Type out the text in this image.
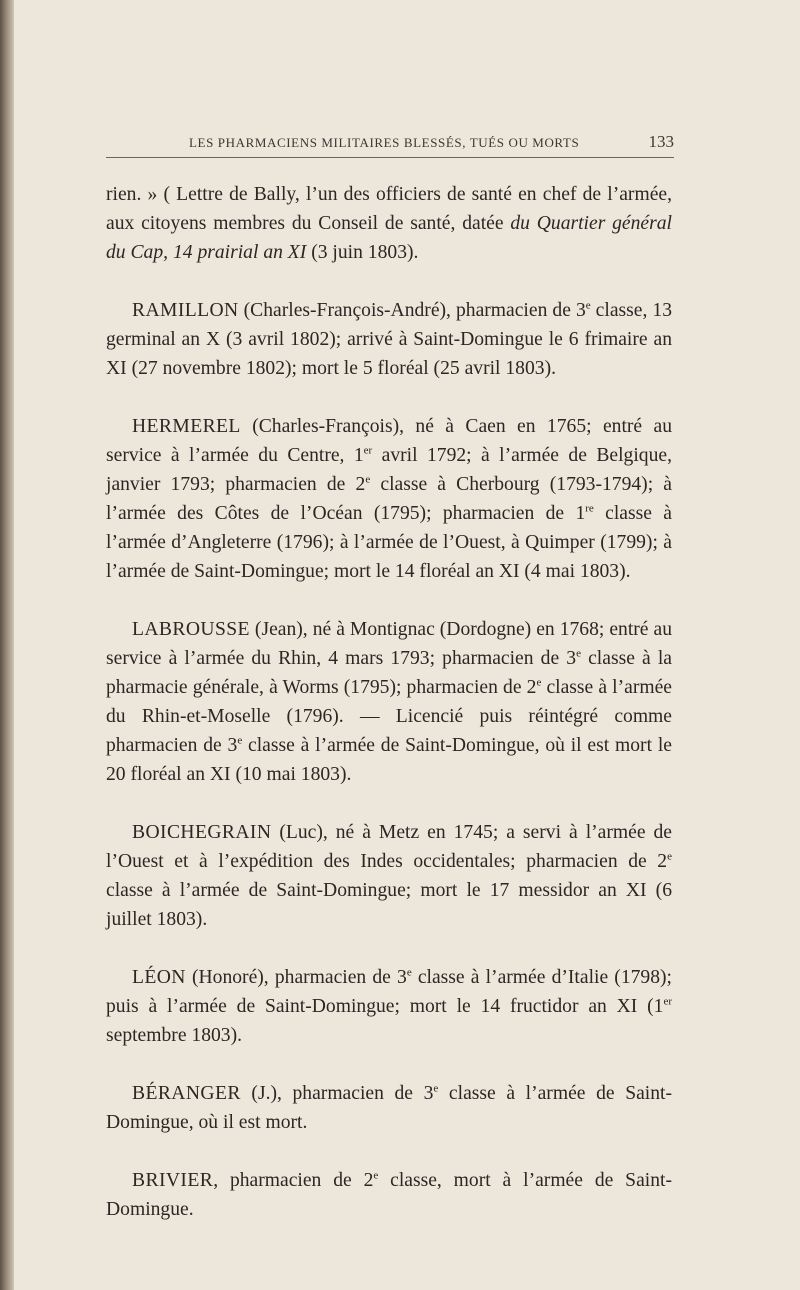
LES PHARMACIENS MILITAIRES BLESSÉS, TUÉS OU MORTS	133

rien. » ( Lettre de Bally, l’un des officiers de santé en chef de l’armée, aux citoyens membres du Conseil de santé, datée du Quartier général du Cap, 14 prairial an XI (3 juin 1803).

RAMILLON (Charles-François-André), pharmacien de 3e classe, 13 germinal an X (3 avril 1802); arrivé à Saint-Domingue le 6 frimaire an XI (27 novembre 1802); mort le 5 floréal (25 avril 1803).

HERMEREL (Charles-François), né à Caen en 1765; entré au service à l’armée du Centre, 1er avril 1792; à l’armée de Belgique, janvier 1793; pharmacien de 2e classe à Cherbourg (1793-1794); à l’armée des Côtes de l’Océan (1795); pharmacien de 1re classe à l’armée d’Angleterre (1796); à l’armée de l’Ouest, à Quimper (1799); à l’armée de Saint-Domingue; mort le 14 floréal an XI (4 mai 1803).

LABROUSSE (Jean), né à Montignac (Dordogne) en 1768; entré au service à l’armée du Rhin, 4 mars 1793; pharmacien de 3e classe à la pharmacie générale, à Worms (1795); pharmacien de 2e classe à l’armée du Rhin-et-Moselle (1796). — Licencié puis réintégré comme pharmacien de 3e classe à l’armée de Saint-Domingue, où il est mort le 20 floréal an XI (10 mai 1803).

BOICHEGRAIN (Luc), né à Metz en 1745; a servi à l’armée de l’Ouest et à l’expédition des Indes occidentales; pharmacien de 2e classe à l’armée de Saint-Domingue; mort le 17 messidor an XI (6 juillet 1803).

LÉON (Honoré), pharmacien de 3e classe à l’armée d’Italie (1798); puis à l’armée de Saint-Domingue; mort le 14 fructidor an XI (1er septembre 1803).

BÉRANGER (J.), pharmacien de 3e classe à l’armée de Saint-Domingue, où il est mort.

BRIVIER, pharmacien de 2e classe, mort à l’armée de Saint-Domingue.
